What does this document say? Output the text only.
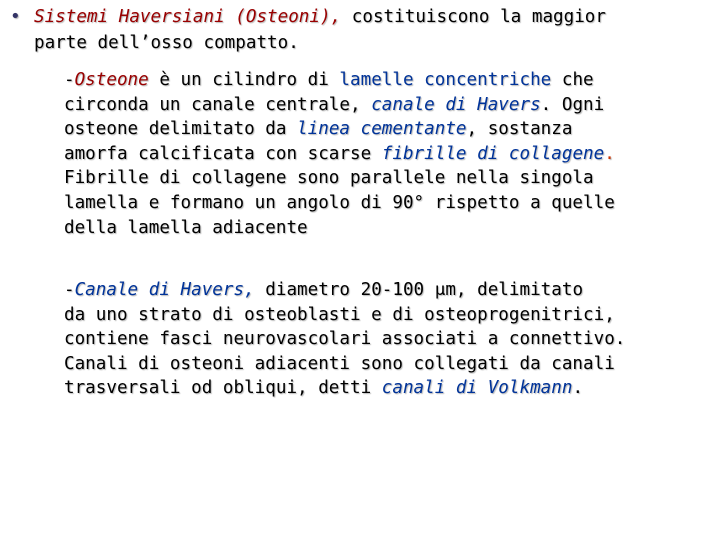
• Sistemi Haversiani (Osteoni), costituiscono la maggior
parte dell’osso compatto.
-Osteone è un cilindro di lamelle concentriche che
circonda un canale centrale, canale di Havers. Ogni
osteone delimitato da linea cementante, sostanza
amorfa calcificata con scarse fibrille di collagene.
Fibrille di collagene sono parallele nella singola
lamella e formano un angolo di 90° rispetto a quelle
della lamella adiacente
-Canale di Havers, diametro 20-100 μm, delimitato
da uno strato di osteoblasti e di osteoprogenitrici,
contiene fasci neurovascolari associati a connettivo.
Canali di osteoni adiacenti sono collegati da canali
trasversali od obliqui, detti canali di Volkmann.
